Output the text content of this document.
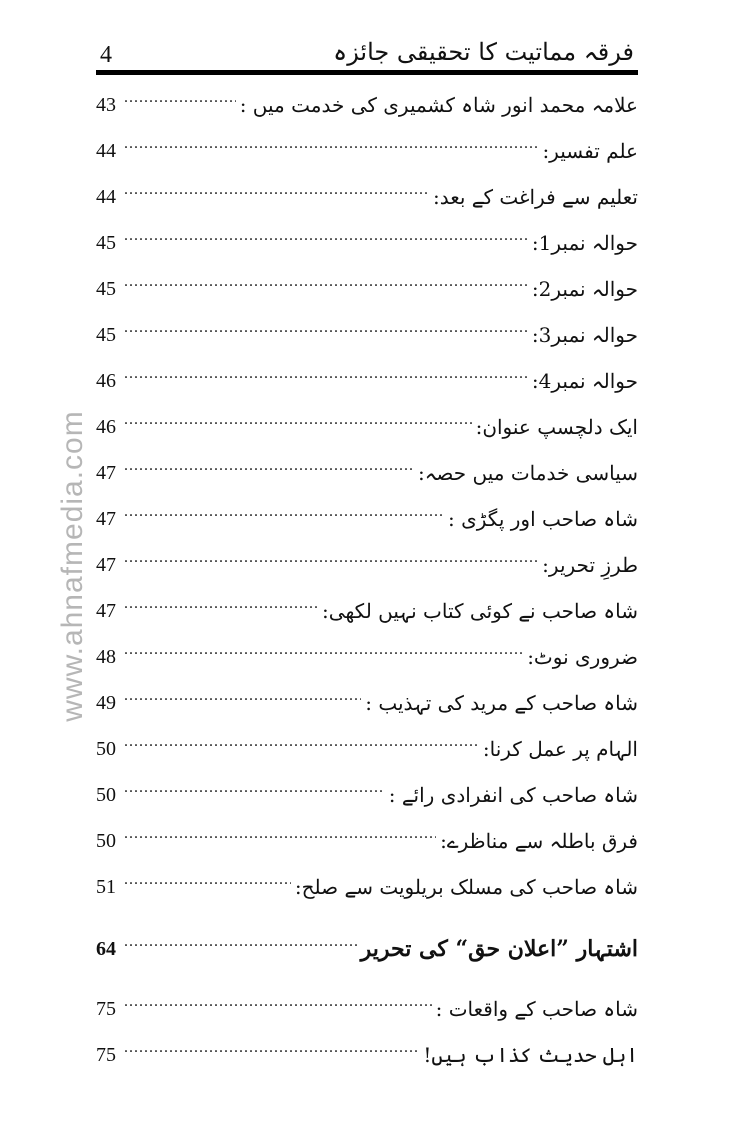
www.ahnafmedia.com
4	فرقہ مماتیت کا تحقیقی جائزہ
علامہ محمد انور شاہ کشمیری کی خدمت میں :
.....
43
علم تفسیر:
.....
44
تعلیم سے فراغت کے بعد:
.....
44
حوالہ نمبر1:
.....
45
حوالہ نمبر2:
.....
45
حوالہ نمبر3:
.....
45
حوالہ نمبر4:
.....
46
ایک دلچسپ عنوان:
.....
46
سیاسی خدمات میں حصہ:
.....
47
شاہ صاحب اور پگڑی :
.....
47
طرزِ تحریر:
.....
47
شاہ صاحب نے کوئی کتاب نہیں لکھی:
.....
47
ضروری نوٹ:
.....
48
شاہ صاحب کے مرید کی تہذیب :
.....
49
الہام پر عمل کرنا:
.....
50
شاہ صاحب کی انفرادی رائے :
.....
50
فرق باطلہ سے مناظرے:
.....
50
شاہ صاحب کی مسلک بریلویت سے صلح:
.....
51
اشتہار ”اعلان حق“ کی تحریر
.....
64
شاہ صاحب کے واقعات :
.....
75
اہل حدیث کذاب ہیں!
.....
75
